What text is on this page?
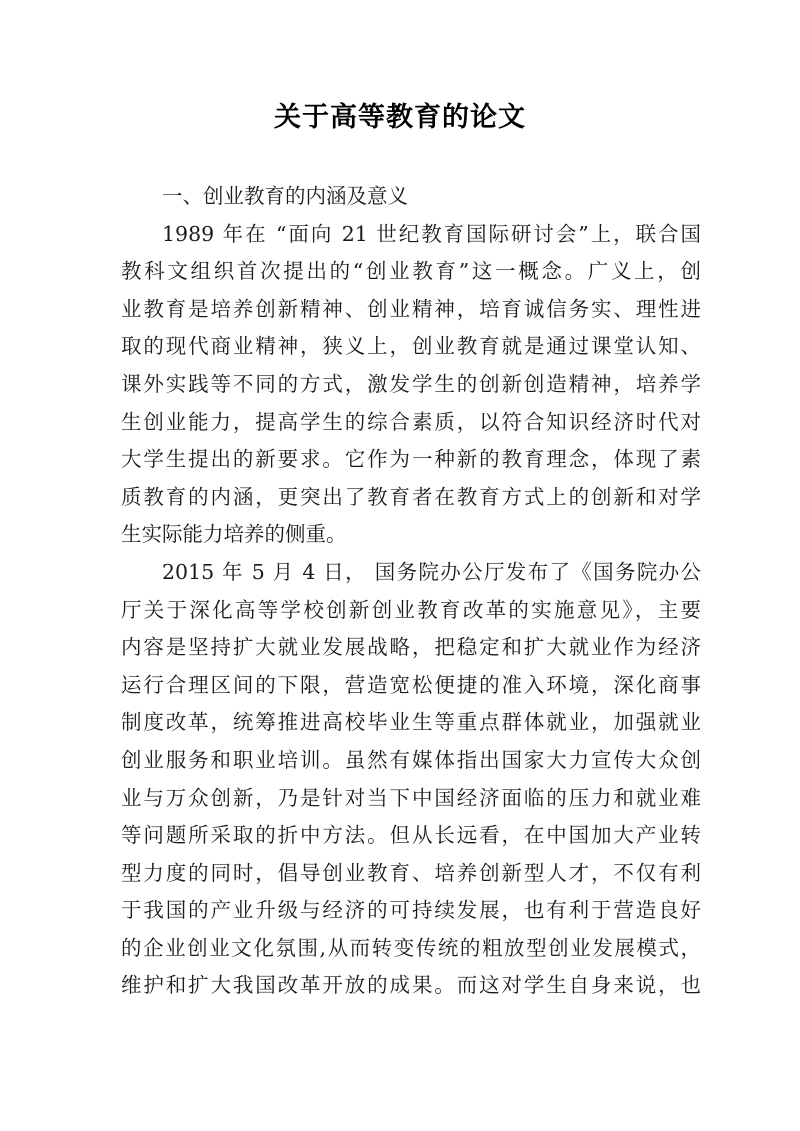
关于高等教育的论文
一、创业教育的内涵及意义
1989 年在 “面向 21 世纪教育国际研讨会”上，联合国
教科文组织首次提出的“创业教育”这一概念。广义上，创
业教育是培养创新精神、创业精神，培育诚信务实、理性进
取的现代商业精神，狭义上，创业教育就是通过课堂认知、
课外实践等不同的方式，激发学生的创新创造精神，培养学
生创业能力，提高学生的综合素质，以符合知识经济时代对
大学生提出的新要求。它作为一种新的教育理念，体现了素
质教育的内涵，更突出了教育者在教育方式上的创新和对学
生实际能力培养的侧重。
2015 年 5 月 4 日， 国务院办公厅发布了《国务院办公
厅关于深化高等学校创新创业教育改革的实施意见》，主要
内容是坚持扩大就业发展战略，把稳定和扩大就业作为经济
运行合理区间的下限，营造宽松便捷的准入环境，深化商事
制度改革，统筹推进高校毕业生等重点群体就业，加强就业
创业服务和职业培训。虽然有媒体指出国家大力宣传大众创
业与万众创新，乃是针对当下中国经济面临的压力和就业难
等问题所采取的折中方法。但从长远看，在中国加大产业转
型力度的同时，倡导创业教育、培养创新型人才，不仅有利
于我国的产业升级与经济的可持续发展，也有利于营造良好
的企业创业文化氛围,从而转变传统的粗放型创业发展模式，
维护和扩大我国改革开放的成果。而这对学生自身来说，也
